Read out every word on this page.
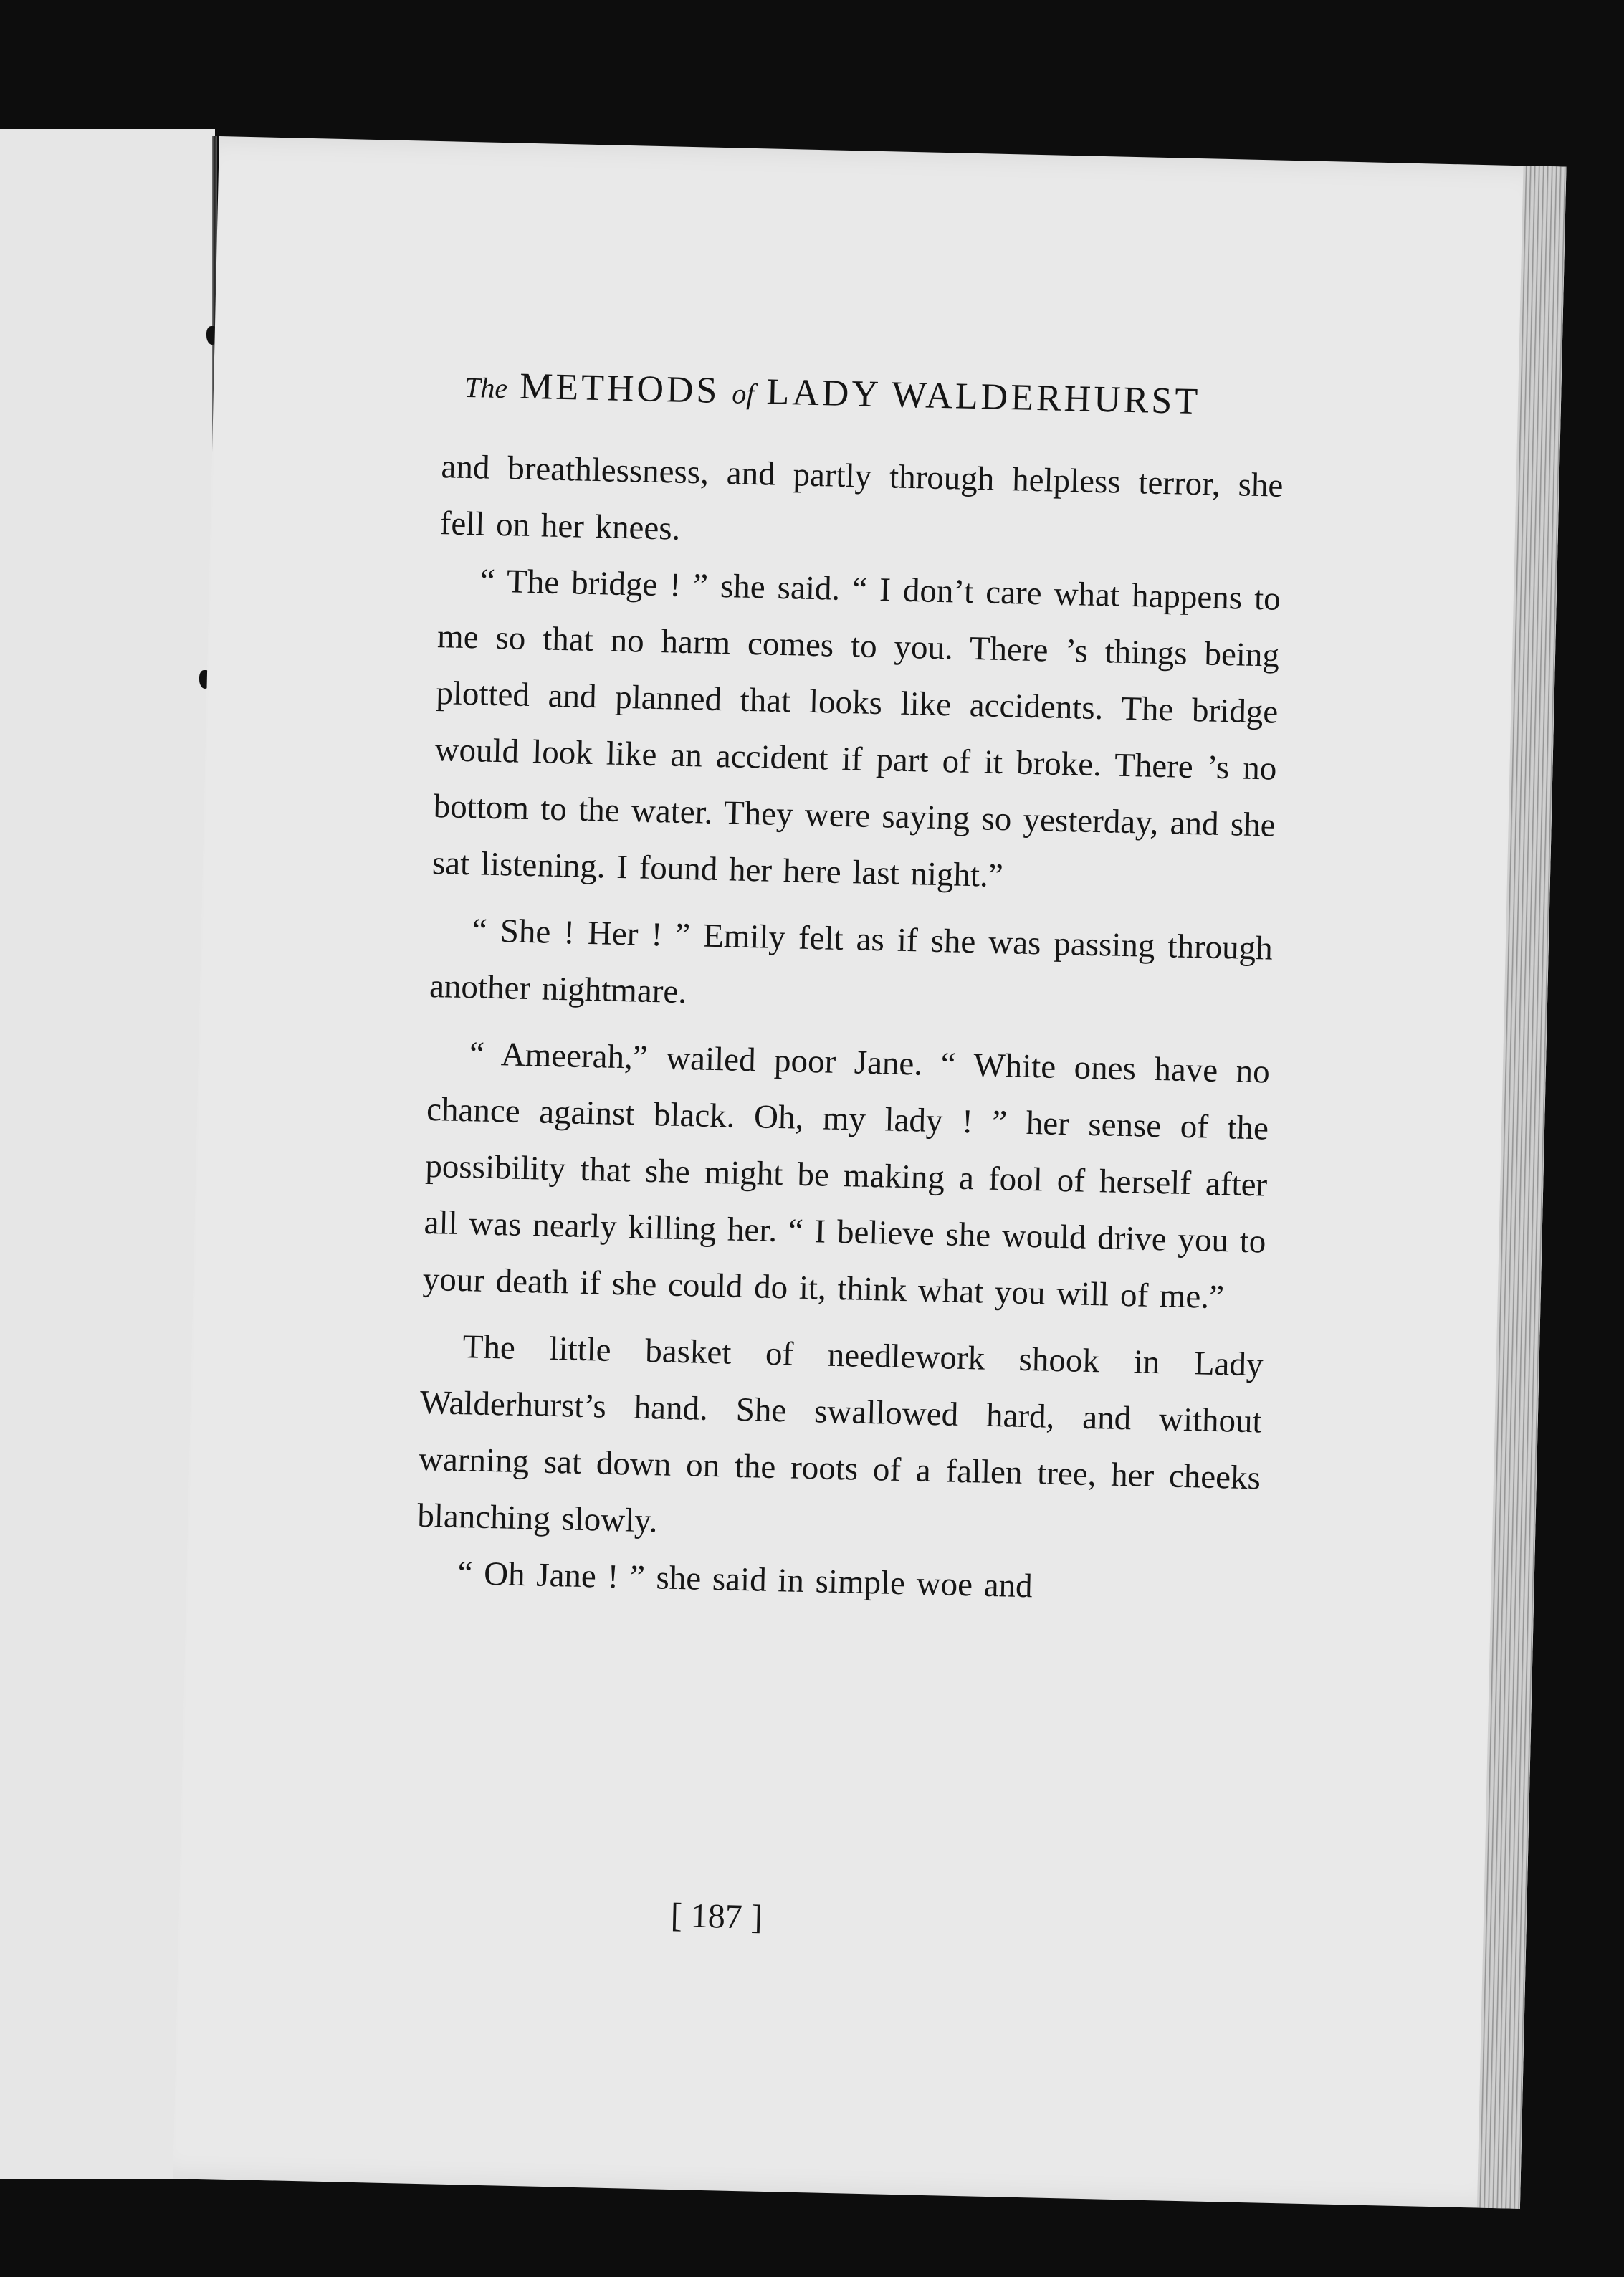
The METHODS of LADY WALDERHURST

and breathlessness, and partly through helpless terror, she fell on her knees.

“ The bridge ! ” she said. “ I don’t care what happens to me so that no harm comes to you. There ’s things being plotted and planned that looks like accidents. The bridge would look like an accident if part of it broke. There ’s no bottom to the water. They were saying so yesterday, and she sat listening. I found her here last night.”

“ She ! Her ! ” Emily felt as if she was passing through another nightmare.

“ Ameerah,” wailed poor Jane. “ White ones have no chance against black. Oh, my lady ! ” her sense of the possibility that she might be making a fool of herself after all was nearly killing her. “ I believe she would drive you to your death if she could do it, think what you will of me.”

The little basket of needlework shook in Lady Walderhurst’s hand. She swallowed hard, and without warning sat down on the roots of a fallen tree, her cheeks blanching slowly.

“ Oh Jane ! ” she said in simple woe and

[ 187 ]
